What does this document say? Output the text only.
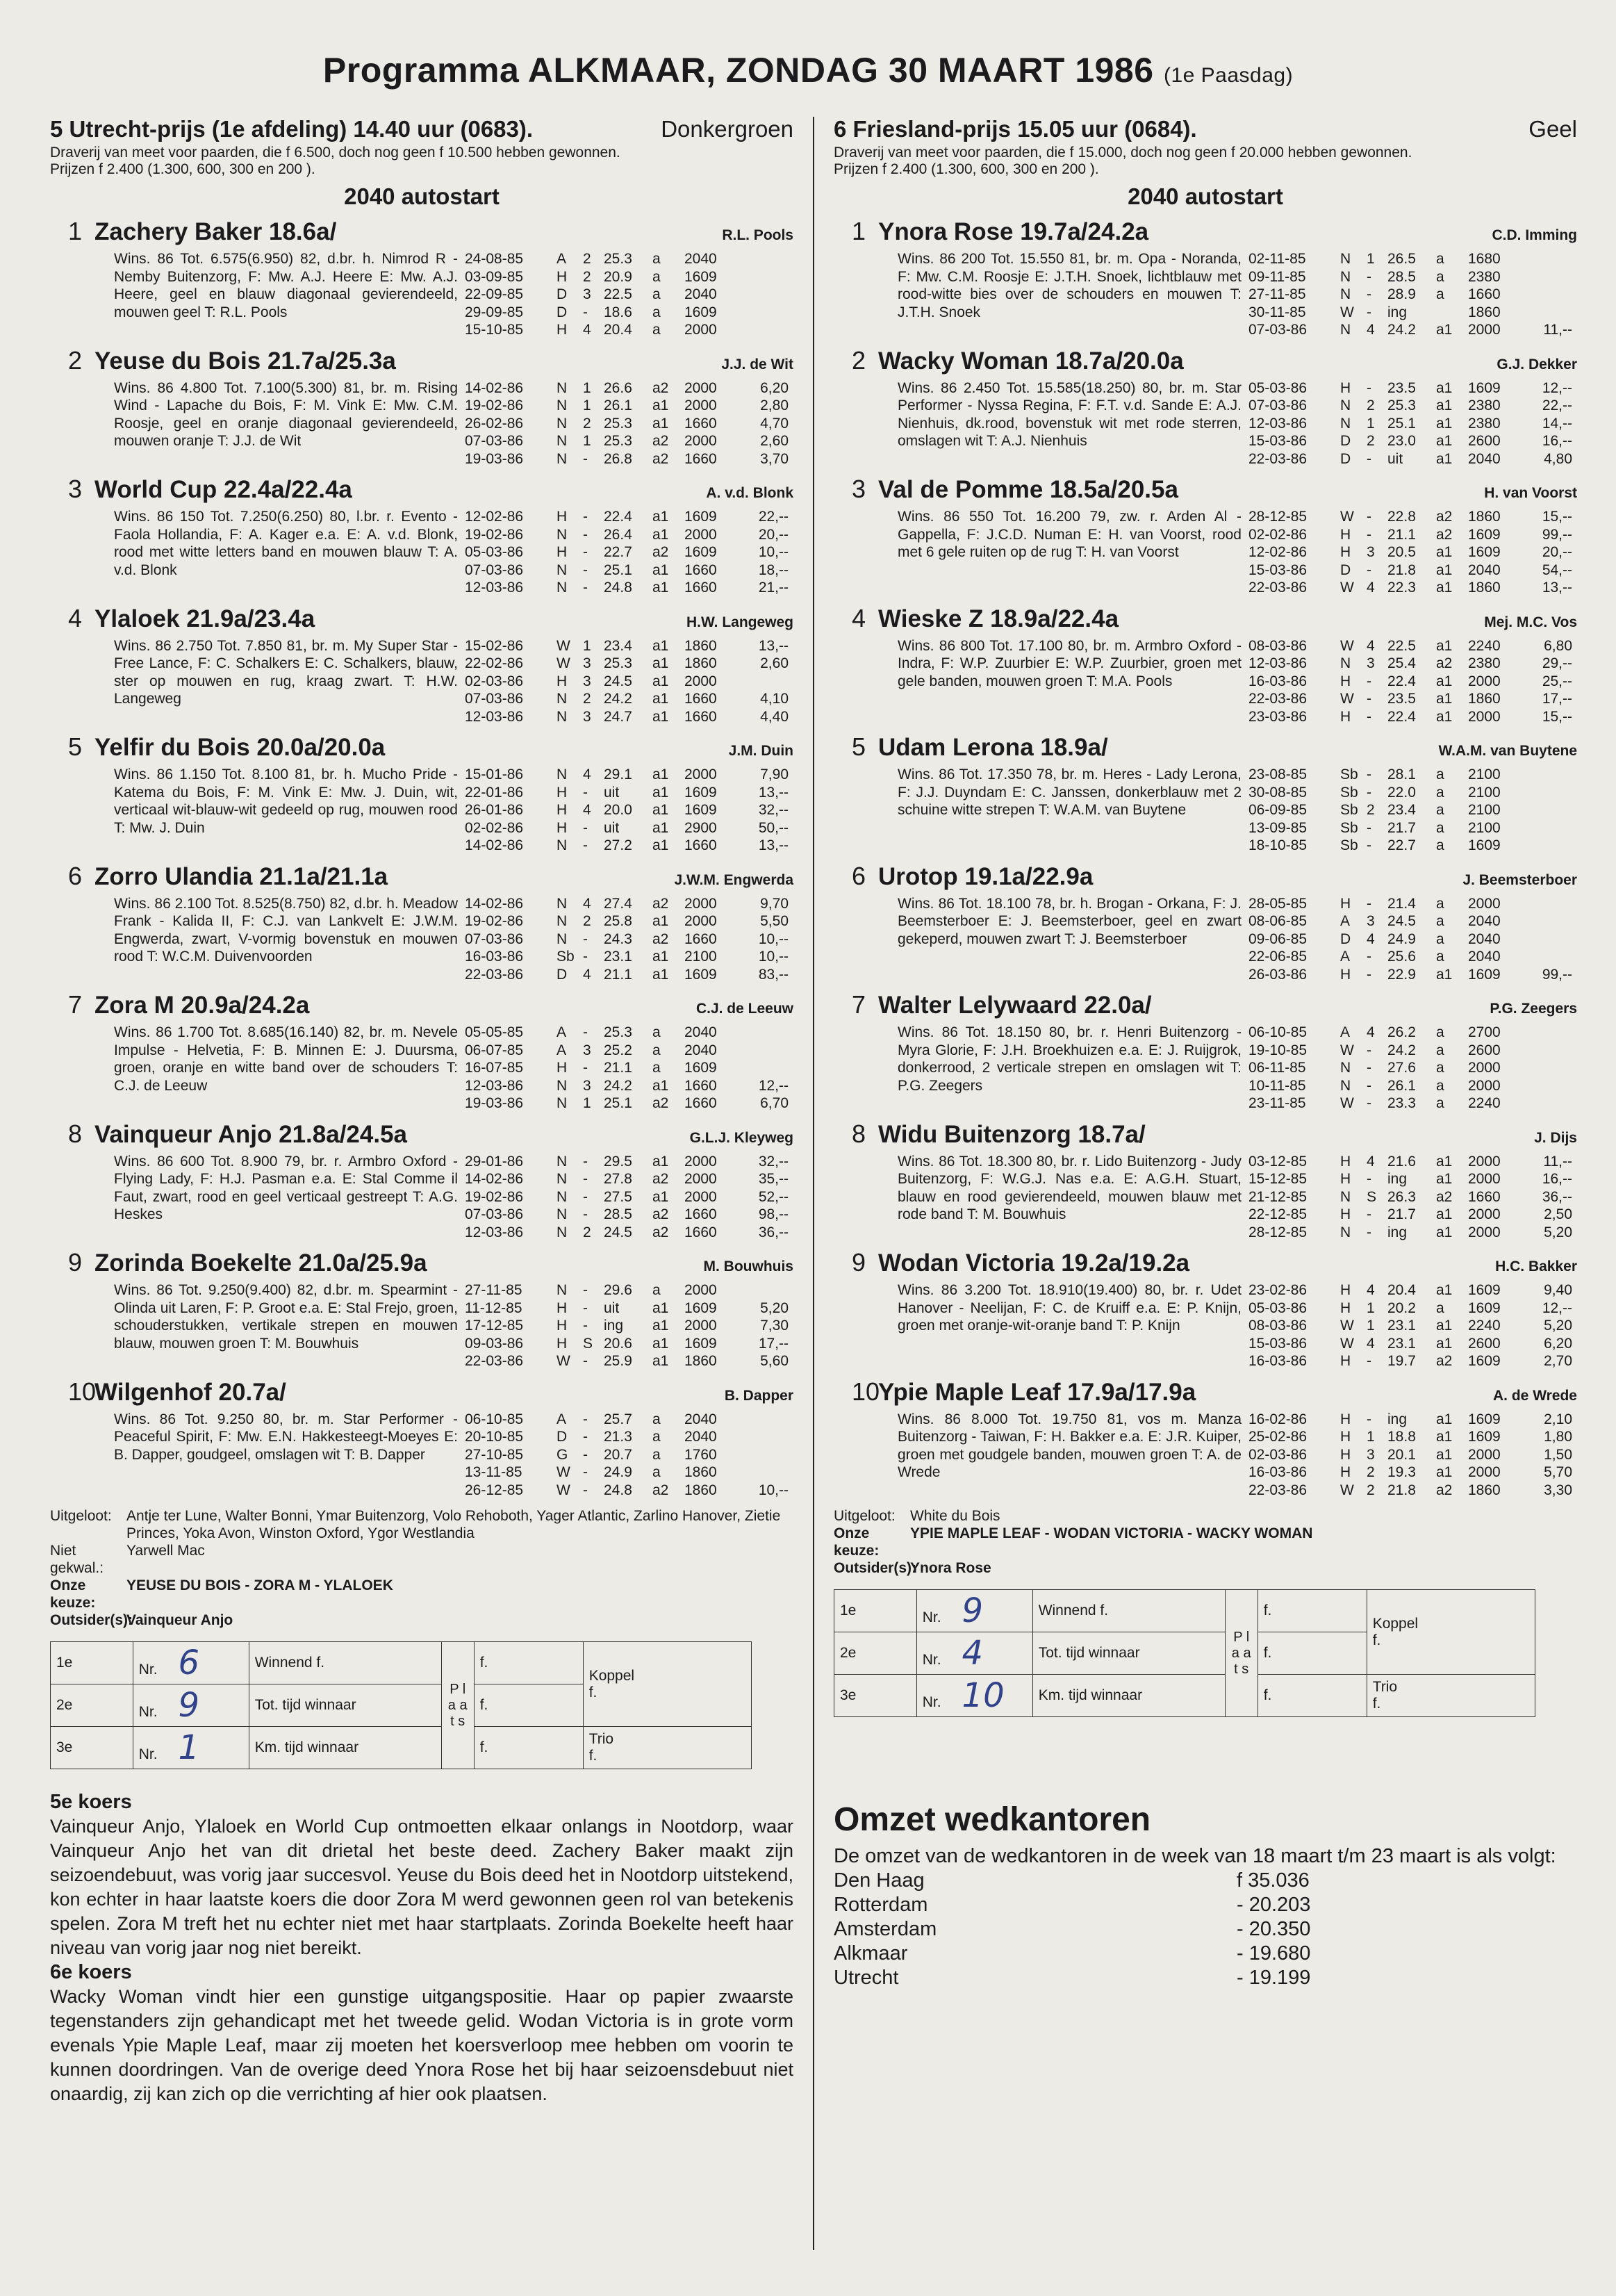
Programma ALKMAAR, ZONDAG 30 MAART 1986 (1e Paasdag)
5 Utrecht-prijs (1e afdeling) 14.40 uur (0683).	Donkergroen
Draverij van meet voor paarden, die f 6.500, doch nog geen f 10.500 hebben gewonnen.
Prijzen f 2.400 (1.300, 600, 300 en 200 ).
2040 autostart
1 Zachery Baker 18.6a/	R.L. Pools
Wins. 86 Tot. 6.575(6.950) 82, d.br. h. Nimrod R - Nemby Buitenzorg, F: Mw. A.J. Heere E: Mw. A.J. Heere, geel en blauw diagonaal gevierendeeld, mouwen geel T: R.L. Pools
24-08-85	A	2 25.3	a	2040
03-09-85	H	2 20.9	a	1609
22-09-85	D	3 22.5	a	2040
29-09-85	D	-	18.6	a	1609
15-10-85	H	4 20.4	a	2000
2 Yeuse du Bois 21.7a/25.3a	J.J. de Wit
Wins. 86 4.800 Tot. 7.100(5.300) 81, br. m. Rising Wind - Lapache du Bois, F: M. Vink E: Mw. C.M. Roosje, geel en oranje diagonaal gevierendeeld, mouwen oranje T: J.J. de Wit
14-02-86	N	1 26.6	a2	2000	6,20
19-02-86	N	1 26.1	a1	2000	2,80
26-02-86	N	2 25.3	a1	1660	4,70
07-03-86	N	1 25.3	a2	2000	2,60
19-03-86	N	-	26.8	a2	1660	3,70
3 World Cup 22.4a/22.4a	A. v.d. Blonk
Wins. 86 150 Tot. 7.250(6.250) 80, l.br. r. Evento - Faola Hollandia, F: A. Kager e.a. E: A. v.d. Blonk, rood met witte letters band en mouwen blauw T: A. v.d. Blonk
12-02-86	H	-	22.4	a1	1609	22,--
19-02-86	N	-	26.4	a1	2000	20,--
05-03-86	H	-	22.7	a2	1609	10,--
07-03-86	N	-	25.1	a1	1660	18,--
12-03-86	N	-	24.8	a1	1660	21,--
4 Ylaloek 21.9a/23.4a	H.W. Langeweg
Wins. 86 2.750 Tot. 7.850 81, br. m. My Super Star - Free Lance, F: C. Schalkers E: C. Schalkers, blauw, ster op mouwen en rug, kraag zwart. T: H.W. Langeweg
15-02-86	W 1 23.4	a1	1860	13,--
22-02-86	W 3 25.3	a1	1860	2,60
02-03-86	H	3 24.5	a1	2000
07-03-86	N	2 24.2	a1	1660	4,10
12-03-86	N	3 24.7	a1	1660	4,40
5 Yelfir du Bois 20.0a/20.0a	J.M. Duin
Wins. 86 1.150 Tot. 8.100 81, br. h. Mucho Pride - Katema du Bois, F: M. Vink E: Mw. J. Duin, wit, verticaal wit-blauw-wit gedeeld op rug, mouwen rood T: Mw. J. Duin
15-01-86	N	4 29.1	a1	2000	7,90
22-01-86	H	-	uit	a1	1609	13,--
26-01-86	H	4 20.0	a1	1609	32,--
02-02-86	H	-	uit	a1	2900	50,--
14-02-86	N	-	27.2	a1	1660	13,--
6 Zorro Ulandia 21.1a/21.1a	J.W.M. Engwerda
Wins. 86 2.100 Tot. 8.525(8.750) 82, d.br. h. Meadow Frank - Kalida II, F: C.J. van Lankvelt E: J.W.M. Engwerda, zwart, V-vormig bovenstuk en mouwen rood T: W.C.M. Duivenvoorden
14-02-86	N	4 27.4	a2	2000	9,70
19-02-86	N	2 25.8	a1	2000	5,50
07-03-86	N	-	24.3	a2	1660	10,--
16-03-86	Sb -	23.1	a1	2100	10,--
22-03-86	D	4 21.1	a1	1609	83,--
7 Zora M 20.9a/24.2a	C.J. de Leeuw
Wins. 86 1.700 Tot. 8.685(16.140) 82, br. m. Nevele Impulse - Helvetia, F: B. Minnen E: J. Duursma, groen, oranje en witte band over de schouders T: C.J. de Leeuw
05-05-85	A	-	25.3	a	2040
06-07-85	A	3 25.2	a	2040
16-07-85	H	-	21.1	a	1609
12-03-86	N	3 24.2	a1	1660	12,--
19-03-86	N	1 25.1	a2	1660	6,70
8 Vainqueur Anjo 21.8a/24.5a	G.L.J. Kleyweg
Wins. 86 600 Tot. 8.900 79, br. r. Armbro Oxford - Flying Lady, F: H.J. Pasman e.a. E: Stal Comme il Faut, zwart, rood en geel verticaal gestreept T: A.G. Heskes
29-01-86	N	-	29.5	a1	2000	32,--
14-02-86	N	-	27.8	a2	2000	35,--
19-02-86	N	-	27.5	a1	2000	52,--
07-03-86	N	-	28.5	a2	1660	98,--
12-03-86	N	2 24.5	a2	1660	36,--
9 Zorinda Boekelte 21.0a/25.9a	M. Bouwhuis
Wins. 86 Tot. 9.250(9.400) 82, d.br. m. Spearmint - Olinda uit Laren, F: P. Groot e.a. E: Stal Frejo, groen, schouderstukken, vertikale strepen en mouwen blauw, mouwen groen T: M. Bouwhuis
27-11-85	N	-	29.6	a	2000
11-12-85	H	-	uit	a1	1609	5,20
17-12-85	H	-	ing	a1	2000	7,30
09-03-86	H	S 20.6	a1	1609	17,--
22-03-86	W -	25.9	a1	1860	5,60
10
Wilgenhof 20.7a/	B. Dapper
Wins. 86 Tot. 9.250 80, br. m. Star Performer - Peaceful Spirit, F: Mw. E.N. Hakkesteegt-Moeyes E: B. Dapper, goudgeel, omslagen wit T: B. Dapper
06-10-85	A	-	25.7	a	2040
20-10-85	D	-	21.3	a	2040
27-10-85	G	-	20.7	a	1760
13-11-85	W -	24.9	a	1860
26-12-85	W -	24.8	a2	1860	10,--
Uitgeloot:	Antje ter Lune, Walter Bonni, Ymar Buitenzorg, Volo Rehoboth, Yager Atlantic, Zarlino Hanover, Zietie Princes, Yoka Avon, Winston Oxford, Ygor Westlandia
Niet gekwal.:
Yarwell Mac
Onze keuze:
YEUSE DU BOIS - ZORA M - YLALOEK
Outsider(s):
Vainqueur Anjo
1e	Nr. 6	Winnend f.	P l a a t s	f.	Koppel
f.

2e	Nr. 9	Tot. tijd winnaar		f.	
3e	Nr. 1	Km. tijd winnaar		f.	Trio
f.
5e koers
Vainqueur Anjo, Ylaloek en World Cup ontmoetten elkaar onlangs in Nootdorp, waar Vainqueur Anjo het van dit drietal het beste deed. Zachery Baker maakt zijn seizoendebuut, was vorig jaar succesvol. Yeuse du Bois deed het in Nootdorp uitstekend, kon echter in haar laatste koers die door Zora M werd gewonnen geen rol van betekenis spelen. Zora M treft het nu echter niet met haar startplaats. Zorinda Boekelte heeft haar niveau van vorig jaar nog niet bereikt.
6e koers
Wacky Woman vindt hier een gunstige uitgangspositie. Haar op papier zwaarste tegenstanders zijn gehandicapt met het tweede gelid. Wodan Victoria is in grote vorm evenals Ypie Maple Leaf, maar zij moeten het koersverloop mee hebben om voorin te kunnen doordringen. Van de overige deed Ynora Rose het bij haar seizoensdebuut niet onaardig, zij kan zich op die verrichting af hier ook plaatsen.
6 Friesland-prijs 15.05 uur (0684).	Geel
Draverij van meet voor paarden, die f 15.000, doch nog geen f 20.000 hebben gewonnen.
Prijzen f 2.400 (1.300, 600, 300 en 200 ).
2040 autostart
1 Ynora Rose 19.7a/24.2a	C.D. Imming
Wins. 86 200 Tot. 15.550 81, br. m. Opa - Noranda, F: Mw. C.M. Roosje E: J.T.H. Snoek, lichtblauw met rood-witte bies over de schouders en mouwen T: J.T.H. Snoek
02-11-85	N	1 26.5	a	1680
09-11-85	N	-	28.5	a	2380
27-11-85	N	-	28.9	a	1660
30-11-85	W -	ing	1860
07-03-86	N	4 24.2	a1	2000	11,--
2 Wacky Woman 18.7a/20.0a	G.J. Dekker
Wins. 86 2.450 Tot. 15.585(18.250) 80, br. m. Star Performer - Nyssa Regina, F: F.T. v.d. Sande E: A.J. Nienhuis, dk.rood, bovenstuk wit met rode sterren, omslagen wit T: A.J. Nienhuis
05-03-86	H	-	23.5	a1	1609	12,--
07-03-86	N	2 25.3	a1	2380	22,--
12-03-86	N	1 25.1	a1	2380	14,--
15-03-86	D	2 23.0	a1	2600	16,--
22-03-86	D	-	uit	a1	2040	4,80
3 Val de Pomme 18.5a/20.5a	H. van Voorst
Wins. 86 550 Tot. 16.200 79, zw. r. Arden Al - Gappella, F: J.C.D. Numan E: H. van Voorst, rood met 6 gele ruiten op de rug T: H. van Voorst
28-12-85	W -	22.8	a2	1860	15,--
02-02-86	H	-	21.1	a2	1609	99,--
12-02-86	H	3 20.5	a1	1609	20,--
15-03-86	D	-	21.8	a1	2040	54,--
22-03-86	W 4 22.3	a1	1860	13,--
4 Wieske Z 18.9a/22.4a	Mej. M.C. Vos
Wins. 86 800 Tot. 17.100 80, br. m. Armbro Oxford - Indra, F: W.P. Zuurbier E: W.P. Zuurbier, groen met gele banden, mouwen groen T: M.A. Pools
08-03-86	W 4 22.5	a1	2240	6,80
12-03-86	N	3 25.4	a2	2380	29,--
16-03-86	H	-	22.4	a1	2000	25,--
22-03-86	W -	23.5	a1	1860	17,--
23-03-86	H	-	22.4	a1	2000	15,--
5 Udam Lerona 18.9a/	W.A.M. van Buytene
Wins. 86 Tot. 17.350 78, br. m. Heres - Lady Lerona, F: J.J. Duyndam E: C. Janssen, donkerblauw met 2 schuine witte strepen T: W.A.M. van Buytene
23-08-85	Sb -	28.1	a	2100
30-08-85	Sb -	22.0	a	2100
06-09-85	Sb 2 23.4	a	2100
13-09-85	Sb -	21.7	a	2100
18-10-85	Sb -	22.7	a	1609
6 Urotop 19.1a/22.9a	J. Beemsterboer
Wins. 86 Tot. 18.100 78, br. h. Brogan - Orkana, F: J. Beemsterboer E: J. Beemsterboer, geel en zwart gekeperd, mouwen zwart T: J. Beemsterboer
28-05-85	H	-	21.4	a	2000
08-06-85	A	3 24.5	a	2040
09-06-85	D	4 24.9	a	2040
22-06-85	A	-	25.6	a	2040
26-03-86	H	-	22.9	a1	1609	99,--
7 Walter Lelywaard 22.0a/	P.G. Zeegers
Wins. 86 Tot. 18.150 80, br. r. Henri Buitenzorg - Myra Glorie, F: J.H. Broekhuizen e.a. E: J. Ruijgrok, donkerrood, 2 verticale strepen en omslagen wit T: P.G. Zeegers
06-10-85	A	4 26.2	a	2700
19-10-85	W -	24.2	a	2600
06-11-85	N	-	27.6	a	2000
10-11-85	N	-	26.1	a	2000
23-11-85	W -	23.3	a	2240
8 Widu Buitenzorg 18.7a/	J. Dijs
Wins. 86 Tot. 18.300 80, br. r. Lido Buitenzorg - Judy Buitenzorg, F: W.G.J. Nas e.a. E: A.G.H. Stuart, blauw en rood gevierendeeld, mouwen blauw met rode band T: M. Bouwhuis
03-12-85	H	4 21.6	a1	2000	11,--
15-12-85	H	-	ing	a1	2000	16,--
21-12-85	N	S 26.3	a2	1660	36,--
22-12-85	H	-	21.7	a1	2000	2,50
28-12-85	N	-	ing	a1	2000	5,20
9 Wodan Victoria 19.2a/19.2a	H.C. Bakker
Wins. 86 3.200 Tot. 18.910(19.400) 80, br. r. Udet Hanover - Neelijan, F: C. de Kruiff e.a. E: P. Knijn, groen met oranje-wit-oranje band T: P. Knijn
23-02-86	H	4 20.4	a1	1609	9,40
05-03-86	H	1 20.2	a	1609	12,--
08-03-86	W 1 23.1	a1	2240	5,20
15-03-86	W 4 23.1	a1	2600	6,20
16-03-86	H	-	19.7	a2	1609	2,70
10
Ypie Maple Leaf 17.9a/17.9a	A. de Wrede
Wins. 86 8.000 Tot. 19.750 81, vos m. Manza Buitenzorg - Taiwan, F: H. Bakker e.a. E: J.R. Kuiper, groen met goudgele banden, mouwen groen T: A. de Wrede
16-02-86	H	-	ing	a1	1609	2,10
25-02-86	H	1 18.8	a1	1609	1,80
02-03-86	H	3 20.1	a1	2000	1,50
16-03-86	H	2 19.3	a1	2000	5,70
22-03-86	W 2 21.8	a2	1860	3,30
Uitgeloot:	White du Bois
Onze keuze:
YPIE MAPLE LEAF - WODAN VICTORIA - WACKY WOMAN
Outsider(s):
Ynora Rose
1e	Nr. 9	Winnend f.	P l a a t s	f.	Koppel
f.

2e	Nr. 4	Tot. tijd winnaar		f.	
3e	Nr. 10	Km. tijd winnaar		f.	Trio
f.
Omzet wedkantoren
De omzet van de wedkantoren in de week van 18 maart t/m 23 maart is als volgt:
Den Haag	f 35.036
Rotterdam	- 20.203
Amsterdam	- 20.350
Alkmaar	- 19.680
Utrecht	- 19.199
